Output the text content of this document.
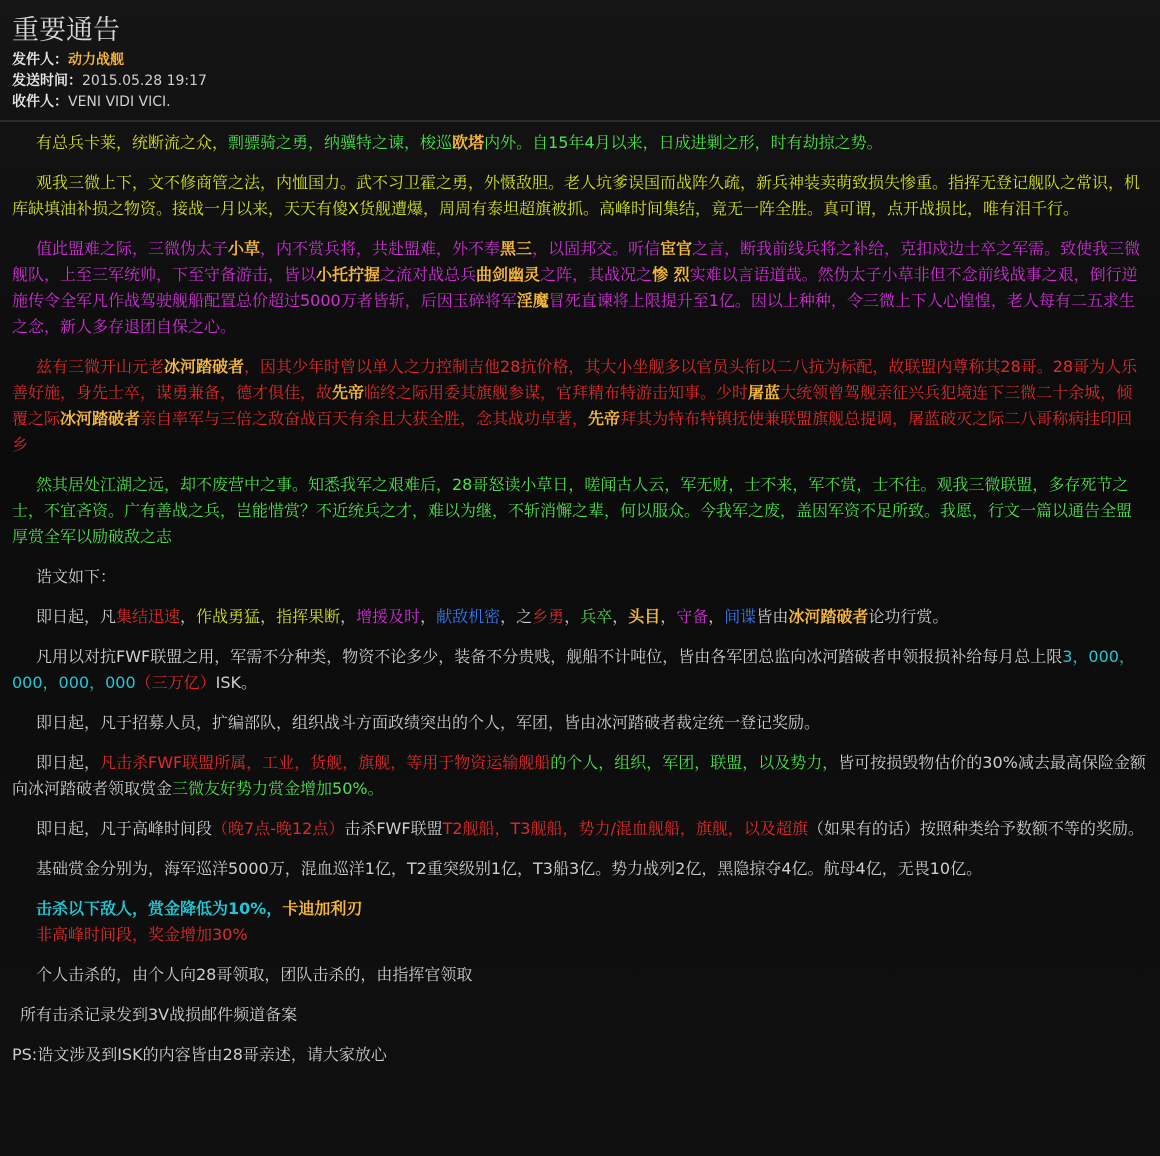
重要通告
发件人：动力战舰
发送时间：2015.05.28 19:17
收件人：VENI VIDI VICI.

有总兵卡莱，统断流之众，剽骠骑之勇，纳骥特之谏，梭巡欧塔内外。自15年4月以来，日成进剿之形，时有劫掠之势。

观我三微上下，文不修商管之法，内恤国力。武不习卫霍之勇，外慑敌胆。老人坑爹误国而战阵久疏，新兵神装卖萌致损失惨重。指挥无登记舰队之常识，机库缺填油补损之物资。接战一月以来，天天有傻X货舰遭爆，周周有泰坦超旗被抓。高峰时间集结，竟无一阵全胜。真可谓，点开战损比，唯有泪千行。

值此盟难之际，三微伪太子小草，内不赏兵将，共赴盟难，外不奉黑三，以固邦交。听信宦官之言，断我前线兵将之补给，克扣戍边士卒之军需。致使我三微舰队，上至三军统帅，下至守备游击，皆以小托拧握之流对战总兵曲剑幽灵之阵，其战况之惨 烈实难以言语道哉。然伪太子小草非但不念前线战事之艰，倒行逆施传令全军凡作战驾驶舰船配置总价超过5000万者皆斩，后因玉碎将军淫魔冒死直谏将上限提升至1亿。因以上种种，令三微上下人心惶惶，老人每有二五求生之念，新人多存退团自保之心。

兹有三微开山元老冰河踏破者，因其少年时曾以单人之力控制吉他28抗价格，其大小坐舰多以官员头衔以二八抗为标配，故联盟内尊称其28哥。28哥为人乐善好施，身先士卒，谋勇兼备，德才俱佳，故先帝临终之际用委其旗舰参谋，官拜精布特游击知事。少时屠蓝大统领曾驾舰亲征兴兵犯境连下三微二十余城，倾覆之际冰河踏破者亲自率军与三倍之敌奋战百天有余且大获全胜，念其战功卓著，先帝拜其为特布特镇抚使兼联盟旗舰总提调，屠蓝破灭之际二八哥称病挂印回乡

然其居处江湖之远，却不废营中之事。知悉我军之艰难后，28哥怒读小草日，嗟闻古人云，军无财，士不来，军不赏，士不往。观我三微联盟，多存死节之士，不宜吝资。广有善战之兵，岂能惜赏？不近统兵之才，难以为继，不斩消懈之辈，何以服众。今我军之废，盖因军资不足所致。我愿，行文一篇以通告全盟厚赏全军以励破敌之志

诰文如下：

即日起，凡集结迅速，作战勇猛，指挥果断，增援及时，献敌机密，之乡勇，兵卒，头目，守备，间谍皆由冰河踏破者论功行赏。

凡用以对抗FWF联盟之用，军需不分种类，物资不论多少，装备不分贵贱，舰船不计吨位，皆由各军团总监向冰河踏破者申领报损补给每月总上限3，000，000，000，000（三万亿）ISK。

即日起，凡于招募人员，扩编部队，组织战斗方面政绩突出的个人，军团，皆由冰河踏破者裁定统一登记奖励。

即日起，凡击杀FWF联盟所属，工业，货舰，旗舰，等用于物资运输舰船的个人，组织，军团，联盟，以及势力，皆可按损毁物估价的30%减去最高保险金额向冰河踏破者领取赏金三微友好势力赏金增加50%。

即日起，凡于高峰时间段（晚7点-晚12点）击杀FWF联盟T2舰船，T3舰船，势力/混血舰船，旗舰，以及超旗（如果有的话）按照种类给予数额不等的奖励。

基础赏金分别为，海军巡洋5000万，混血巡洋1亿，T2重突级别1亿，T3船3亿。势力战列2亿，黑隐掠夺4亿。航母4亿，无畏10亿。

击杀以下敌人，赏金降低为10%，卡迪加利刃

非高峰时间段，奖金增加30%

个人击杀的，由个人向28哥领取，团队击杀的，由指挥官领取

所有击杀记录发到3V战损邮件频道备案

PS:诰文涉及到ISK的内容皆由28哥亲述，请大家放心
